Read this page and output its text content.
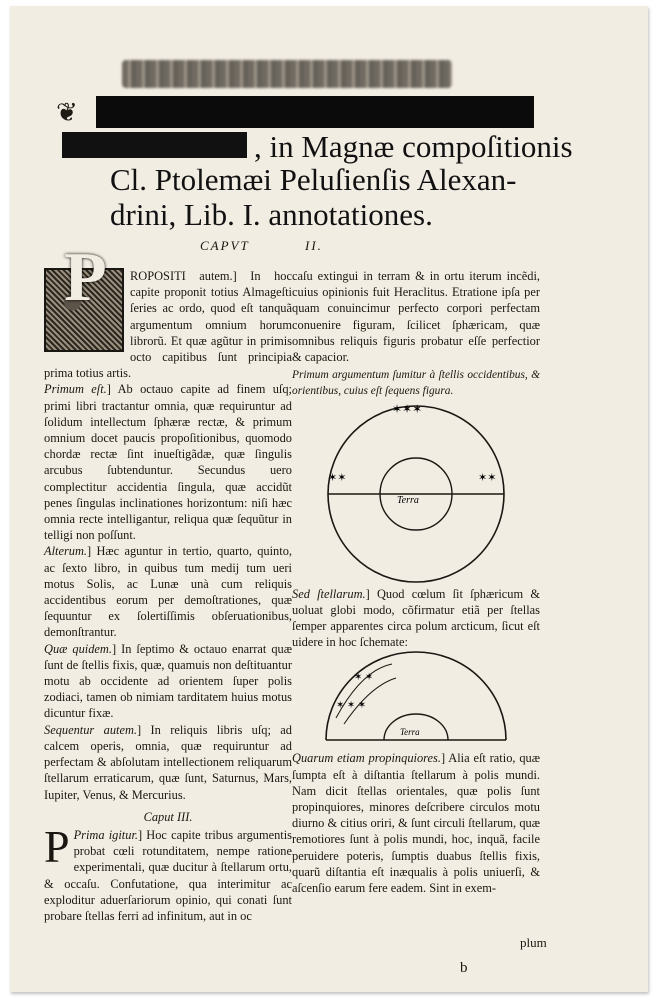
❦
, in Magnæ compoſitionis
Cl. Ptolemæi Peluſienſis Alexan-
drini, Lib. I. annotationes.
CAPVT	II.

P ROPOSITI autem.] In hoc capite proponit totius Almageſti ſeries ac ordo, quod eſt tanquã argumentum omnium horum librorũ. Et quæ agũtur in primis octo capitibus ſunt principia prima totius artis.

Primum eſt.] Ab octauo capite ad finem uſq; primi libri tractantur omnia, quæ requiruntur ad ſolidum intellectum ſphæræ rectæ, & primum omnium docet paucis propoſitionibus, quomodo chordæ rectæ ſint inueſtigãdæ, quæ ſingulis arcubus ſubtenduntur. Secundus uero complectitur accidentia ſingula, quæ accidũt penes ſingulas inclinationes horizontum: niſi hæc omnia recte intelligantur, reliqua quæ ſequũtur in telligi non poſſunt.

Alterum.] Hæc aguntur in tertio, quarto, quinto, ac ſexto libro, in quibus tum medij tum ueri motus Solis, ac Lunæ unà cum reliquis accidentibus eorum per demoſtrationes, quæ ſequuntur ex ſolertiſſimis obſeruationibus, demonſtrantur.

Quæ quidem.] In ſeptimo & octauo enarrat quæ ſunt de ſtellis fixis, quæ, quamuis non deſtituantur motu ab occidente ad orientem ſuper polis zodiaci, tamen ob nimiam tarditatem huius motus dicuntur fixæ.

Sequentur autem.] In reliquis libris uſq; ad calcem operis, omnia, quæ requiruntur ad perfectam & abſolutam intellectionem reliquarum ſtellarum erraticarum, quæ ſunt, Saturnus, Mars, Iupiter, Venus, & Mercurius.

Caput III.

P Prima igitur.] Hoc capite tribus argumentis probat cœli rotunditatem, nempe ratione experimentali, quæ ducitur à ſtellarum ortu, & occaſu. Confutatione, qua interimitur ac exploditur aduerſariorum opinio, qui conati ſunt probare ſtellas ferri ad infinitum, aut in oc

caſu extingui in terram & in ortu iterum incẽdi, cuius opinionis fuit Heraclitus. Etratione ipſa per quam conuincimur perfecto corpori perfectam conuenire figuram, ſcilicet ſphæricam, quæ omnibus reliquis figuris probatur eſſe perfectior & capacior.

Primum argumentum ſumitur à ſtellis occidentibus, & orientibus, cuius eſt ſequens figura.

Terra
✶✶✶
✶✶	✶✶

Sed ſtellarum.] Quod cœlum ſit ſphæricum & uoluat globi modo, cõfirmatur etiã per ſtellas ſemper apparentes circa polum arcticum, ſicut eſt uidere in hoc ſchemate:

✶ ✶ ✶
✶ ✶
Terra

Quarum etiam propinquiores.] Alia eſt ratio, quæ ſumpta eſt à diſtantia ſtellarum à polis mundi. Nam dicit ſtellas orientales, quæ polis ſunt propinquiores, minores deſcribere circulos motu diurno & citius oriri, & ſunt circuli ſtellarum, quæ remotiores ſunt à polis mundi, hoc, inquã, facile peruidere poteris, ſumptis duabus ſtellis fixis, quarũ diſtantia eſt inæqualis à polis uniuerſi, & aſcenſio earum fere eadem. Sint in exem-

plum
b
